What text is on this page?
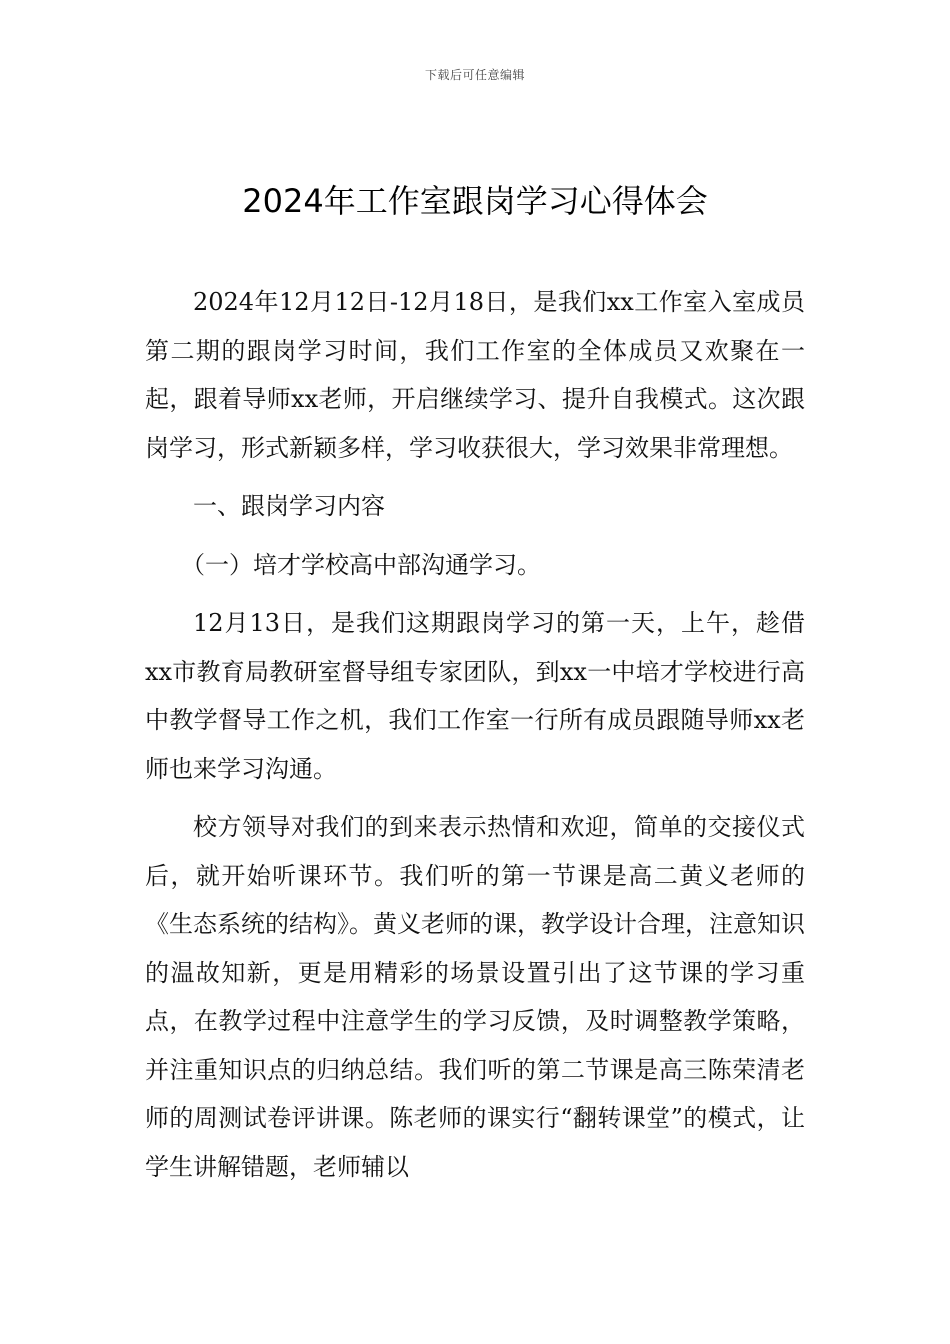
下载后可任意编辑
2024年工作室跟岗学习心得体会

2024年12月12日-12月18日，是我们xx工作室入室成员第二期的跟岗学习时间，我们工作室的全体成员又欢聚在一起，跟着导师xx老师，开启继续学习、提升自我模式。这次跟岗学习，形式新颖多样，学习收获很大，学习效果非常理想。

一、跟岗学习内容

（一）培才学校高中部沟通学习。

12月13日，是我们这期跟岗学习的第一天，上午，趁借xx市教育局教研室督导组专家团队，到xx一中培才学校进行高中教学督导工作之机，我们工作室一行所有成员跟随导师xx老师也来学习沟通。

校方领导对我们的到来表示热情和欢迎，简单的交接仪式后，就开始听课环节。我们听的第一节课是高二黄义老师的《生态系统的结构》。黄义老师的课，教学设计合理，注意知识的温故知新，更是用精彩的场景设置引出了这节课的学习重点，在教学过程中注意学生的学习反馈，及时调整教学策略，并注重知识点的归纳总结。我们听的第二节课是高三陈荣清老师的周测试卷评讲课。陈老师的课实行“翻转课堂”的模式，让学生讲解错题，老师辅以
